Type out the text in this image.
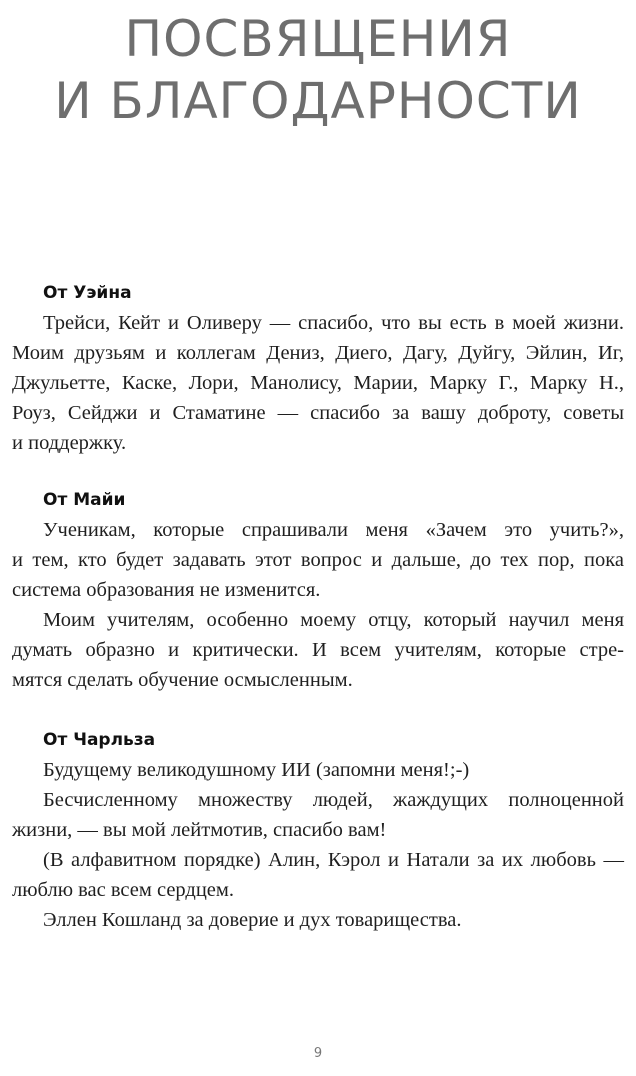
ПОСВЯЩЕНИЯ
И БЛАГОДАРНОСТИ
От Уэйна
Трейси, Кейт и Оливеру — спасибо, что вы есть в моей жизни.
Моим друзьям и коллегам Дениз, Диего, Дагу, Дуйгу, Эйлин, Иг,
Джульетте, Каске, Лори, Манолису, Марии, Марку Г., Марку Н.,
Роуз, Сейджи и Стаматине — спасибо за вашу доброту, советы
и поддержку.
От Майи
Ученикам, которые спрашивали меня «Зачем это учить?»,
и тем, кто будет задавать этот вопрос и дальше, до тех пор, пока
система образования не изменится.
Моим учителям, особенно моему отцу, который научил меня
думать образно и критически. И всем учителям, которые стре-
мятся сделать обучение осмысленным.
От Чарльза
Будущему великодушному ИИ (запомни меня!;-)
Бесчисленному множеству людей, жаждущих полноценной
жизни, — вы мой лейтмотив, спасибо вам!
(В алфавитном порядке) Алин, Кэрол и Натали за их любовь —
люблю вас всем сердцем.
Эллен Кошланд за доверие и дух товарищества.
9
